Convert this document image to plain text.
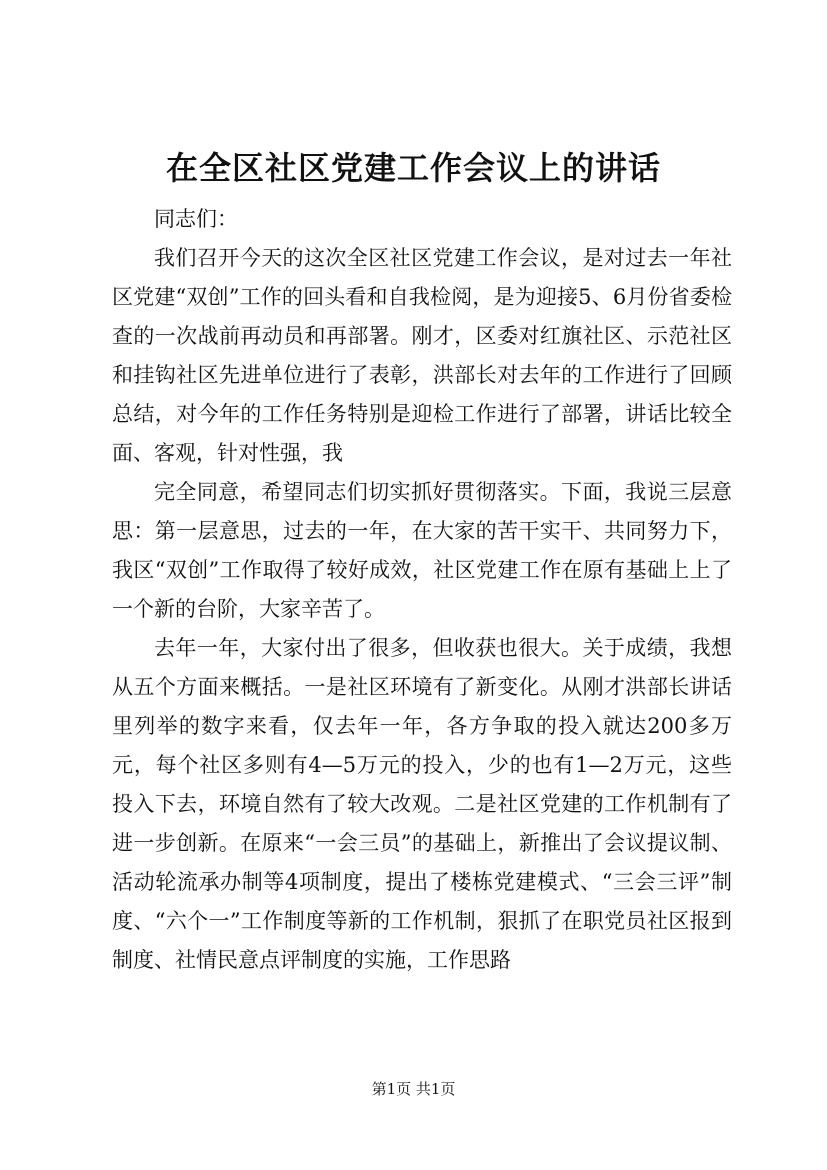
在全区社区党建工作会议上的讲话

同志们：

我们召开今天的这次全区社区党建工作会议，是对过去一年社区党建“双创”工作的回头看和自我检阅，是为迎接5、6月份省委检查的一次战前再动员和再部署。刚才，区委对红旗社区、示范社区和挂钩社区先进单位进行了表彰，洪部长对去年的工作进行了回顾总结，对今年的工作任务特别是迎检工作进行了部署，讲话比较全面、客观，针对性强，我

完全同意，希望同志们切实抓好贯彻落实。下面，我说三层意思：第一层意思，过去的一年，在大家的苦干实干、共同努力下，我区“双创”工作取得了较好成效，社区党建工作在原有基础上上了一个新的台阶，大家辛苦了。

去年一年，大家付出了很多，但收获也很大。关于成绩，我想从五个方面来概括。一是社区环境有了新变化。从刚才洪部长讲话里列举的数字来看，仅去年一年，各方争取的投入就达200多万元，每个社区多则有4—5万元的投入，少的也有1—2万元，这些投入下去，环境自然有了较大改观。二是社区党建的工作机制有了进一步创新。在原来“一会三员”的基础上，新推出了会议提议制、活动轮流承办制等4项制度，提出了楼栋党建模式、“三会三评”制度、“六个一”工作制度等新的工作机制，狠抓了在职党员社区报到制度、社情民意点评制度的实施，工作思路

第1页 共1页
